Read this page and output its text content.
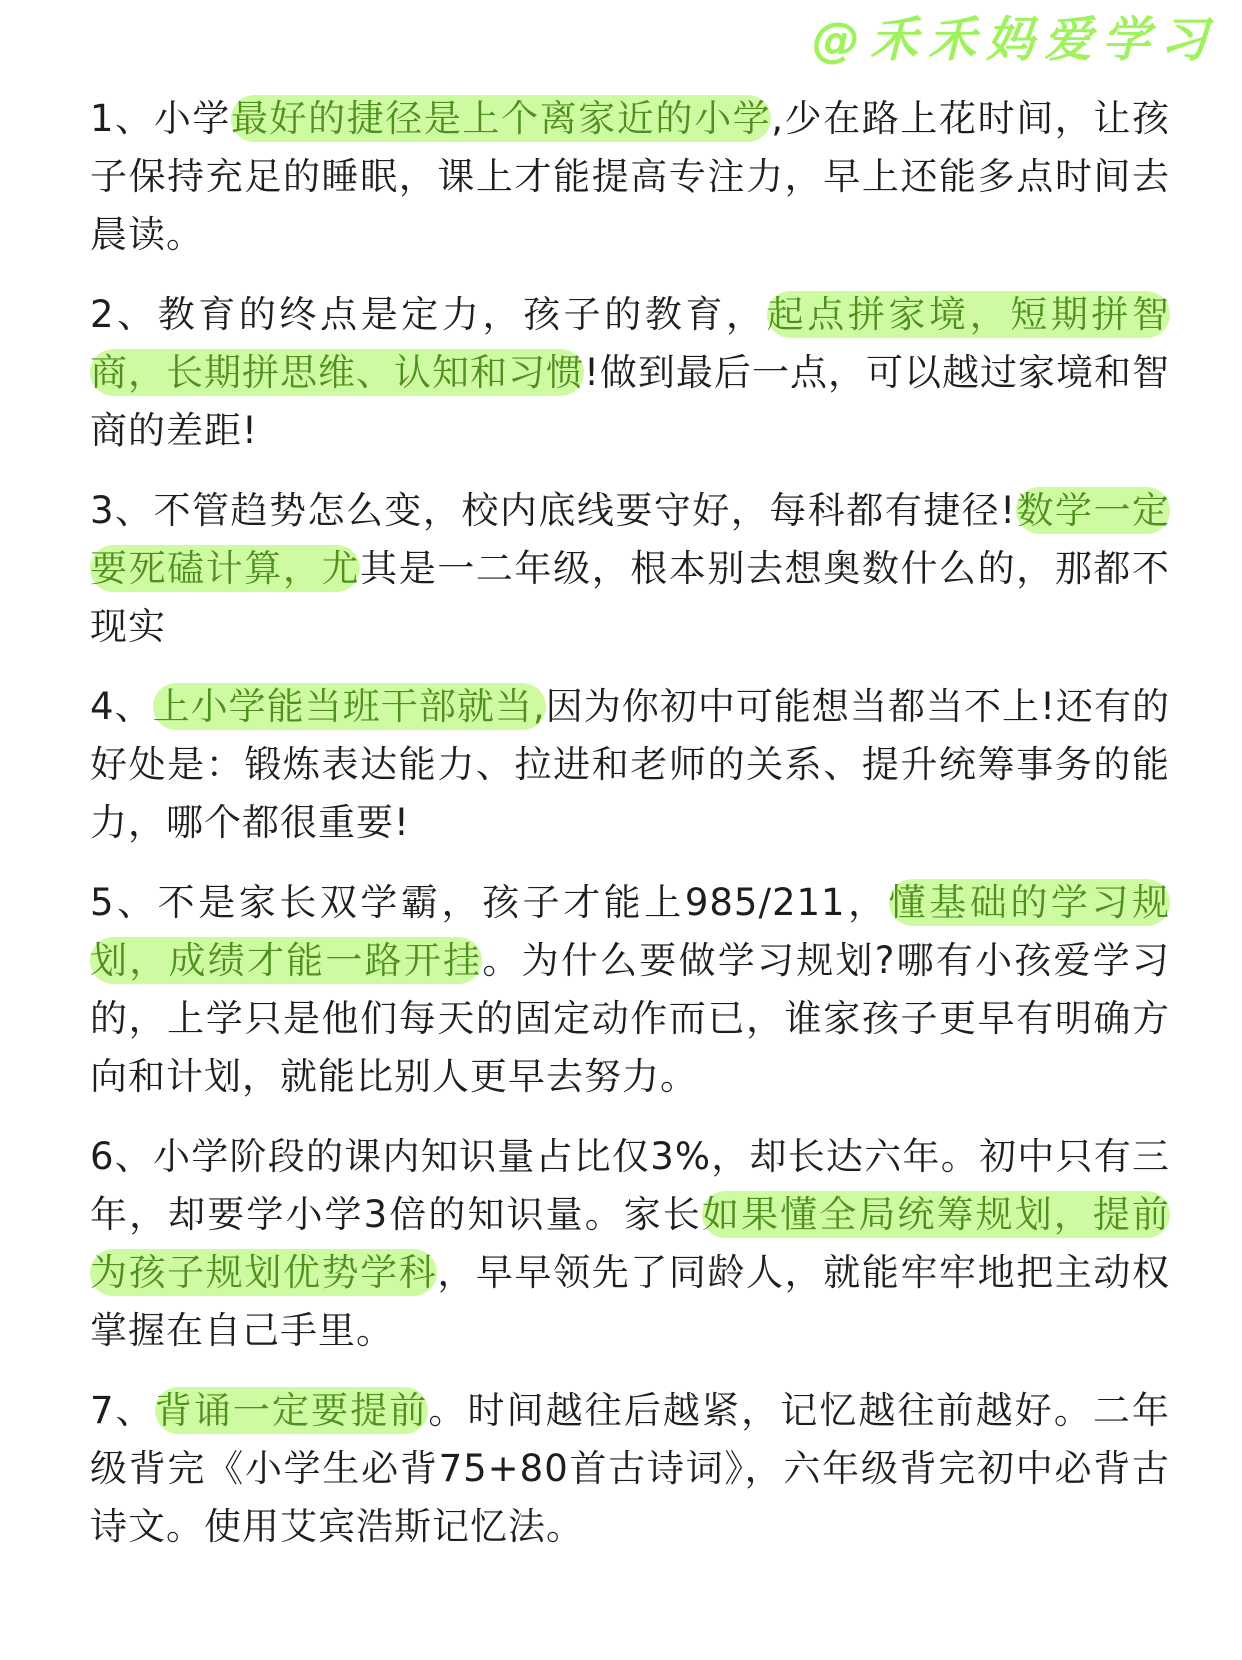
@禾禾妈爱学习

1、小学最好的捷径是上个离家近的小学,少在路上花时间，让孩子保持充足的睡眠，课上才能提高专注力，早上还能多点时间去晨读。

2、教育的终点是定力，孩子的教育，起点拼家境，短期拼智商，长期拼思维、认知和习惯!做到最后一点，可以越过家境和智商的差距!

3、不管趋势怎么变，校内底线要守好，每科都有捷径!数学一定要死磕计算，尤其是一二年级，根本别去想奥数什么的，那都不现实

4、上小学能当班干部就当,因为你初中可能想当都当不上!还有的好处是：锻炼表达能力、拉进和老师的关系、提升统筹事务的能力，哪个都很重要!

5、不是家长双学霸，孩子才能上985/211，懂基础的学习规划，成绩才能一路开挂。为什么要做学习规划?哪有小孩爱学习的，上学只是他们每天的固定动作而已，谁家孩子更早有明确方向和计划，就能比别人更早去努力。

6、小学阶段的课内知识量占比仅3%，却长达六年。初中只有三年，却要学小学3倍的知识量。家长如果懂全局统筹规划，提前为孩子规划优势学科，早早领先了同龄人，就能牢牢地把主动权掌握在自己手里。

7、背诵一定要提前。时间越往后越紧，记忆越往前越好。二年级背完《小学生必背75+80首古诗词》，六年级背完初中必背古诗文。使用艾宾浩斯记忆法。
